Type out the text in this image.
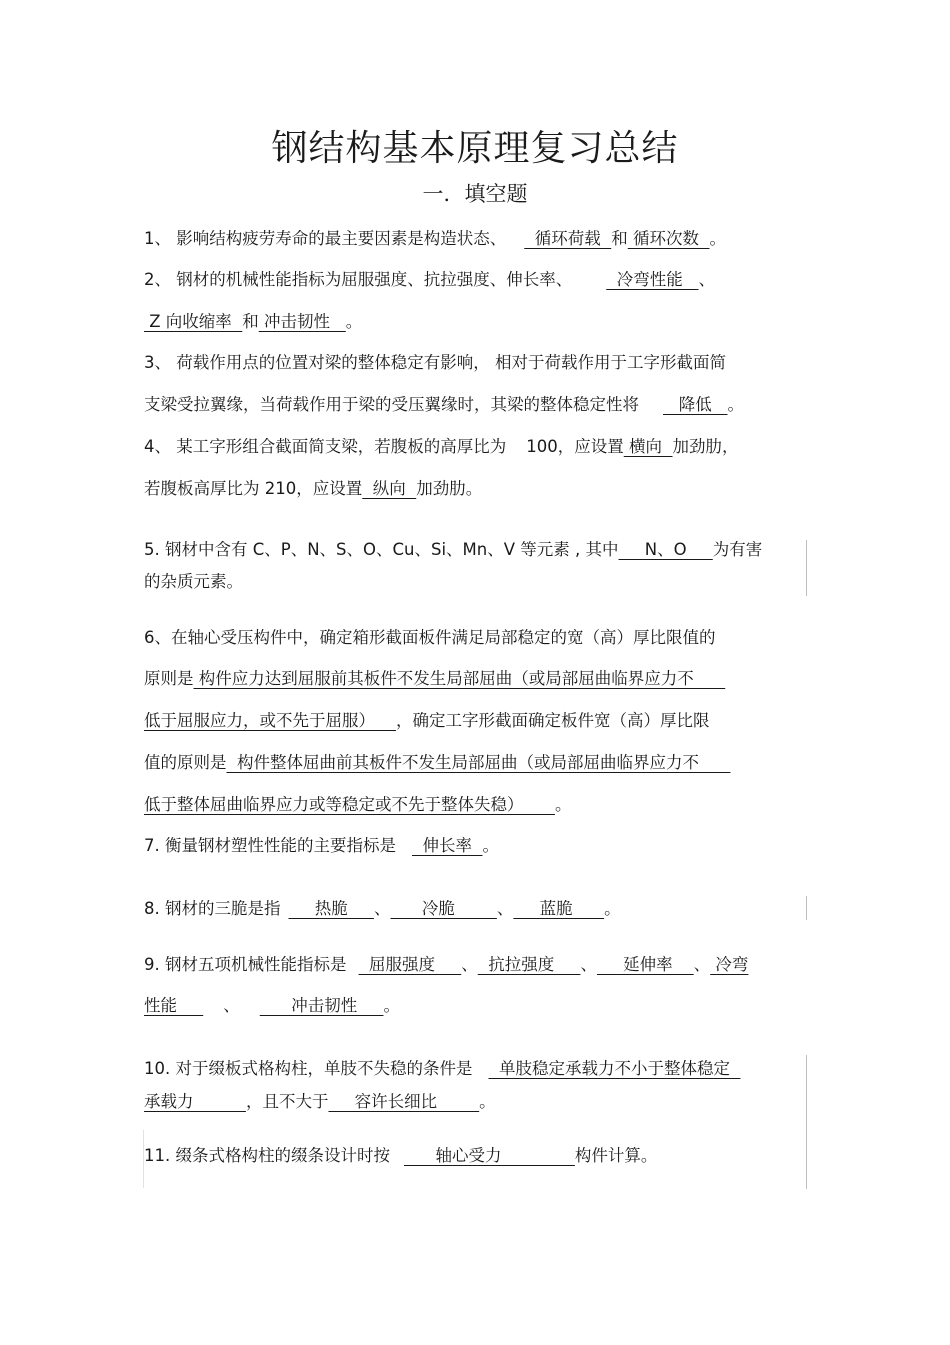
钢结构基本原理复习总结
一．填空题
1、 影响结构疲劳寿命的最主要因素是构造状态、  循环荷载  和 循环次数  。
2、 钢材的机械性能指标为屈服强度、抗拉强度、伸长率、  冷弯性能   、
Z 向收缩率  和 冲击韧性   。
3、 荷载作用点的位置对梁的整体稳定有影响， 相对于荷载作用于工字形截面简
支梁受拉翼缘，当荷载作用于梁的受压翼缘时，其梁的整体稳定性将   降低   。
4、 某工字形组合截面简支梁，若腹板的高厚比为 100，应设置 横向  加劲肋，
若腹板高厚比为 210，应设置  纵向  加劲肋。
5. 钢材中含有 C、P、N、S、O、Cu、Si、Mn、V 等元素 , 其中     N、O     为有害
的杂质元素。
6、在轴心受压构件中，确定箱形截面板件满足局部稳定的宽（高）厚比限值的
原则是 构件应力达到屈服前其板件不发生局部屈曲（或局部屈曲临界应力不
低于屈服应力，或不先于屈服）    ，确定工字形截面确定板件宽（高）厚比限
值的原则是  构件整体屈曲前其板件不发生局部屈曲（或局部屈曲临界应力不
低于整体屈曲临界应力或等稳定或不先于整体失稳）      。
7. 衡量钢材塑性性能的主要指标是  伸长率  。
8. 钢材的三脆是指     热脆     、      冷脆        、     蓝脆      。
9. 钢材五项机械性能指标是  屈服强度     、  抗拉强度     、     延伸率    、 冷弯
性能     、      冲击韧性     。
10. 对于缀板式格构柱，单肢不失稳的条件是  单肢稳定承载力不小于整体稳定
承载力          ，且不大于     容许长细比        。
11. 缀条式格构柱的缀条设计时按      轴心受力              构件计算。
